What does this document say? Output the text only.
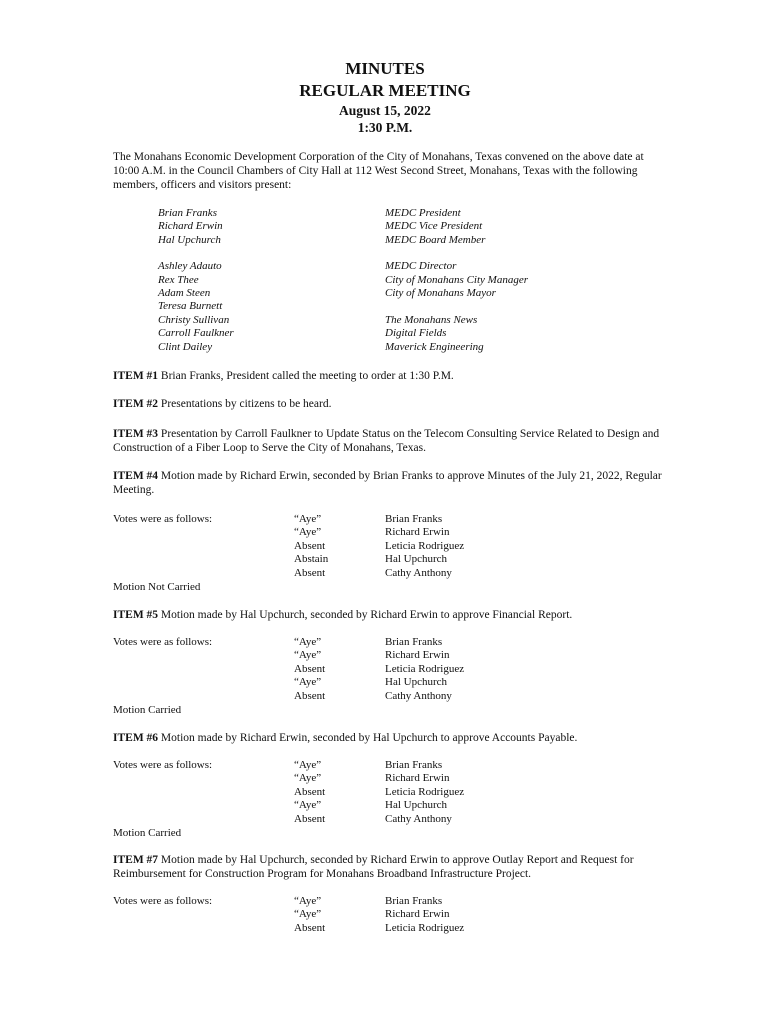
MINUTES
REGULAR MEETING
August 15, 2022
1:30 P.M.
The Monahans Economic Development Corporation of the City of Monahans, Texas convened on the above date at 10:00 A.M. in the Council Chambers of City Hall at 112 West Second Street, Monahans, Texas with the following members, officers and visitors present:
Brian Franks	MEDC President
Richard Erwin	MEDC Vice President
Hal Upchurch	MEDC Board Member
Ashley Adauto	MEDC Director
Rex Thee	City of Monahans City Manager
Adam Steen	City of Monahans Mayor
Teresa Burnett
Christy Sullivan	The Monahans News
Carroll Faulkner	Digital Fields
Clint Dailey	Maverick Engineering
ITEM #1 Brian Franks, President called the meeting to order at 1:30 P.M.
ITEM #2 Presentations by citizens to be heard.
ITEM #3 Presentation by Carroll Faulkner to Update Status on the Telecom Consulting Service Related to Design and Construction of a Fiber Loop to Serve the City of Monahans, Texas.
ITEM #4 Motion made by Richard Erwin, seconded by Brian Franks to approve Minutes of the July 21, 2022, Regular Meeting.
Votes were as follows:	“Aye”	Brian Franks
“Aye”	Richard Erwin
Absent	Leticia Rodriguez
Abstain	Hal Upchurch
Absent	Cathy Anthony
Motion Not Carried
ITEM #5 Motion made by Hal Upchurch, seconded by Richard Erwin to approve Financial Report.
Votes were as follows:	“Aye”	Brian Franks
“Aye”	Richard Erwin
Absent	Leticia Rodriguez
“Aye”	Hal Upchurch
Absent	Cathy Anthony
Motion Carried
ITEM #6 Motion made by Richard Erwin, seconded by Hal Upchurch to approve Accounts Payable.
Votes were as follows:	“Aye”	Brian Franks
“Aye”	Richard Erwin
Absent	Leticia Rodriguez
“Aye”	Hal Upchurch
Absent	Cathy Anthony
Motion Carried
ITEM #7 Motion made by Hal Upchurch, seconded by Richard Erwin to approve Outlay Report and Request for Reimbursement for Construction Program for Monahans Broadband Infrastructure Project.
Votes were as follows:	“Aye”	Brian Franks
“Aye”	Richard Erwin
Absent	Leticia Rodriguez
